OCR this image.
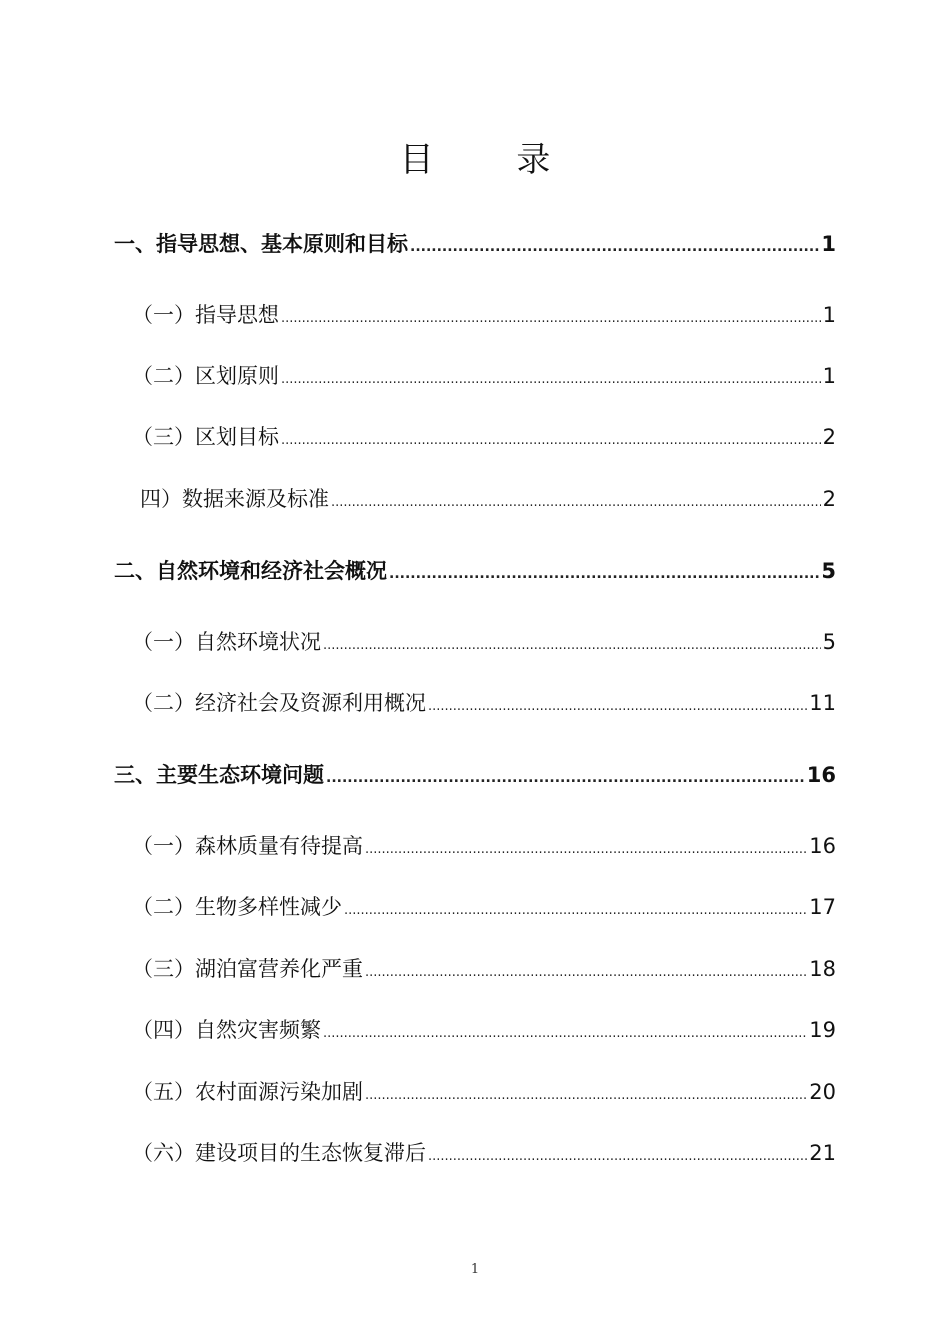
目 录
一、指导思想、基本原则和目标 .....	1
（一）指导思想 .....	1
（二）区划原则 .....	1
（三）区划目标 .....	2
四）数据来源及标准 .....	2
二、自然环境和经济社会概况 .....	5
（一）自然环境状况 .....	5
（二）经济社会及资源利用概况 .....	11
三、主要生态环境问题 .....	16
（一）森林质量有待提高 .....	16
（二）生物多样性减少 .....	17
（三）湖泊富营养化严重 .....	18
（四）自然灾害频繁 .....	19
（五）农村面源污染加剧 .....	20
（六）建设项目的生态恢复滞后 .....	21
1
